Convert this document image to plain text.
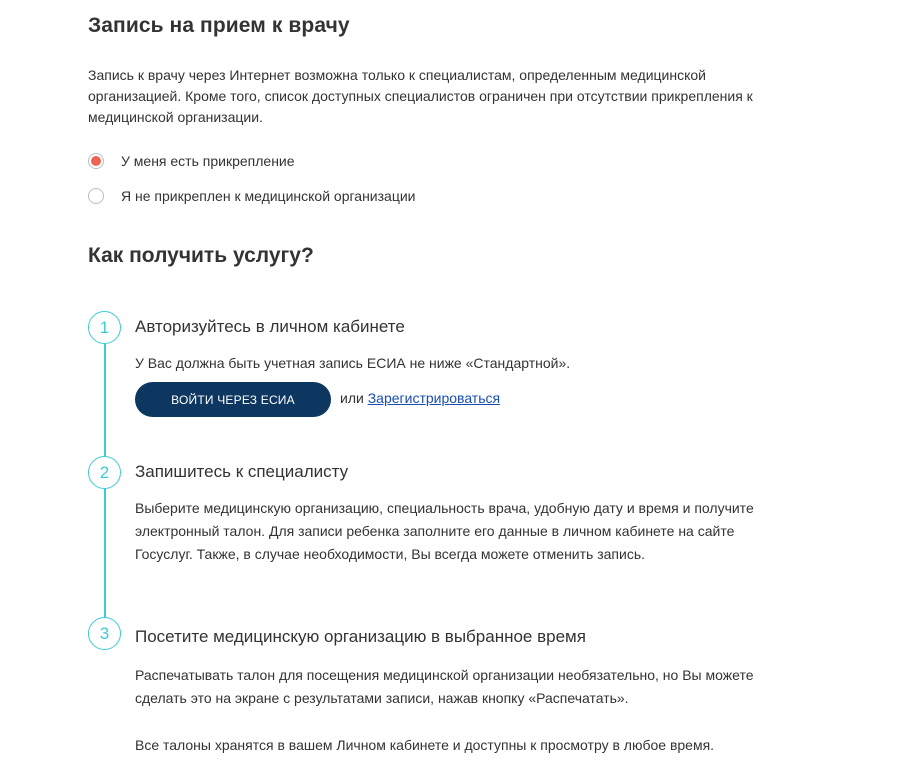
Запись на прием к врачу
Запись к врачу через Интернет возможна только к специалистам, определенным медицинской организацией. Кроме того, список доступных специалистов ограничен при отсутствии прикрепления к медицинской организации.
У меня есть прикрепление
Я не прикреплен к медицинской организации
Как получить услугу?
1	Авторизуйтесь в личном кабинете
У Вас должна быть учетная запись ЕСИА не ниже «Стандартной».
ВОЙТИ ЧЕРЕЗ ЕСИА	или Зарегистрироваться
2	Запишитесь к специалисту
Выберите медицинскую организацию, специальность врача, удобную дату и время и получите электронный талон. Для записи ребенка заполните его данные в личном кабинете на сайте Госуслуг. Также, в случае необходимости, Вы всегда можете отменить запись.
3	Посетите медицинскую организацию в выбранное время
Распечатывать талон для посещения медицинской организации необязательно, но Вы можете сделать это на экране с результатами записи, нажав кнопку «Распечатать».
Все талоны хранятся в вашем Личном кабинете и доступны к просмотру в любое время.
